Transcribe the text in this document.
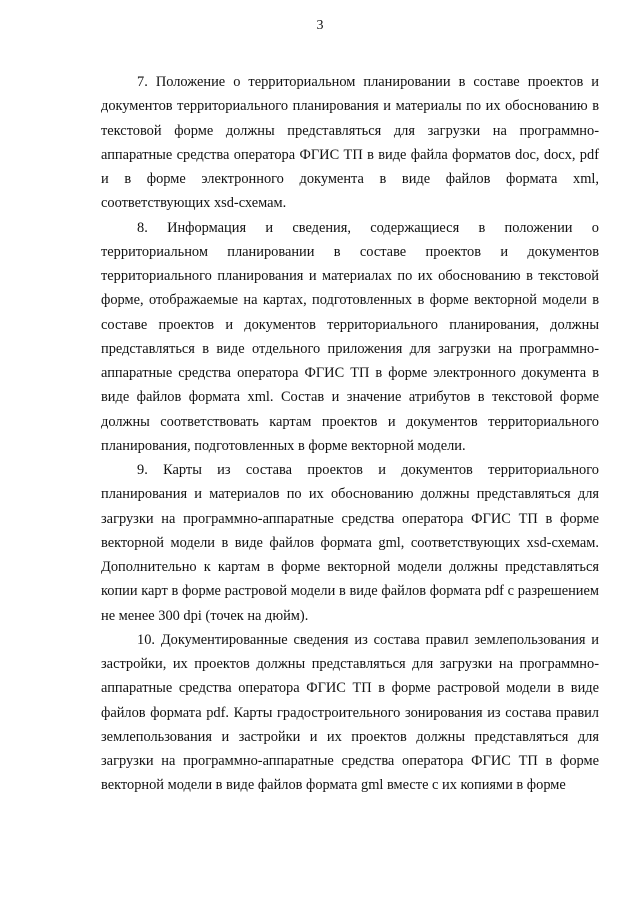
3

7. Положение о территориальном планировании в составе проектов и документов территориального планирования и материалы по их обоснованию в текстовой форме должны представляться для загрузки на программно-аппаратные средства оператора ФГИС ТП в виде файла форматов doc, docx, pdf и в форме электронного документа в виде файлов формата xml, соответствующих xsd-схемам.

8. Информация и сведения, содержащиеся в положении о территориальном планировании в составе проектов и документов территориального планирования и материалах по их обоснованию в текстовой форме, отображаемые на картах, подготовленных в форме векторной модели в составе проектов и документов территориального планирования, должны представляться в виде отдельного приложения для загрузки на программно-аппаратные средства оператора ФГИС ТП в форме электронного документа в виде файлов формата xml. Состав и значение атрибутов в текстовой форме должны соответствовать картам проектов и документов территориального планирования, подготовленных в форме векторной модели.

9. Карты из состава проектов и документов территориального планирования и материалов по их обоснованию должны представляться для загрузки на программно-аппаратные средства оператора ФГИС ТП в форме векторной модели в виде файлов формата gml, соответствующих xsd-схемам. Дополнительно к картам в форме векторной модели должны представляться копии карт в форме растровой модели в виде файлов формата pdf с разрешением не менее 300 dpi (точек на дюйм).

10. Документированные сведения из состава правил землепользования и застройки, их проектов должны представляться для загрузки на программно-аппаратные средства оператора ФГИС ТП в форме растровой модели в виде файлов формата pdf. Карты градостроительного зонирования из состава правил землепользования и застройки и их проектов должны представляться для загрузки на программно-аппаратные средства оператора ФГИС ТП в форме векторной модели в виде файлов формата gml вместе с их копиями в форме
